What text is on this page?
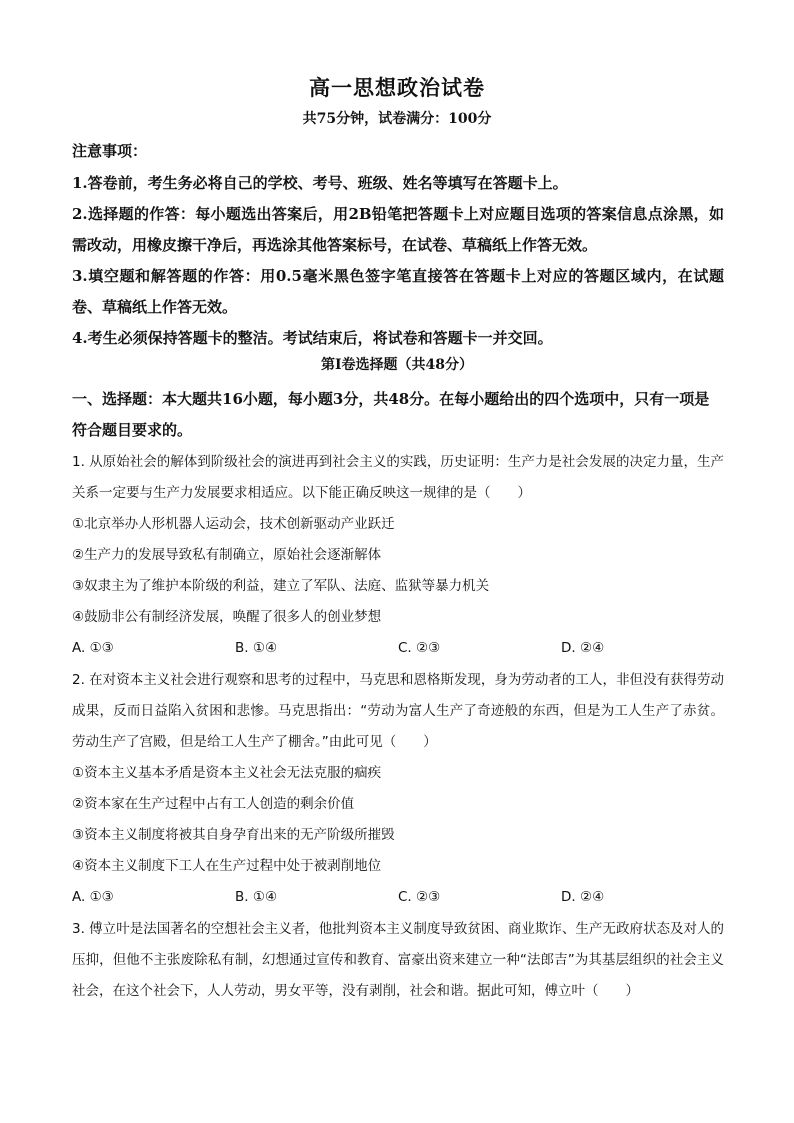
高一思想政治试卷
共75分钟，试卷满分：100分
注意事项：

1.答卷前，考生务必将自己的学校、考号、班级、姓名等填写在答题卡上。

2.选择题的作答：每小题选出答案后，用2B铅笔把答题卡上对应题目选项的答案信息点涂黑，如需改动，用橡皮擦干净后，再选涂其他答案标号，在试卷、草稿纸上作答无效。

3.填空题和解答题的作答：用0.5毫米黑色签字笔直接答在答题卡上对应的答题区域内，在试题卷、草稿纸上作答无效。

4.考生必须保持答题卡的整洁。考试结束后，将试卷和答题卡一并交回。

第Ⅰ卷选择题（共48分）
一、选择题：本大题共16小题，每小题3分，共48分。在每小题给出的四个选项中，只有一项是符合题目要求的。

1. 从原始社会的解体到阶级社会的演进再到社会主义的实践，历史证明：生产力是社会发展的决定力量，生产关系一定要与生产力发展要求相适应。以下能正确反映这一规律的是（　　）

①北京举办人形机器人运动会，技术创新驱动产业跃迁

②生产力的发展导致私有制确立，原始社会逐渐解体

③奴隶主为了维护本阶级的利益，建立了军队、法庭、监狱等暴力机关

④鼓励非公有制经济发展，唤醒了很多人的创业梦想

A. ①③	B. ①④	C. ②③	D. ②④

2. 在对资本主义社会进行观察和思考的过程中，马克思和恩格斯发现，身为劳动者的工人，非但没有获得劳动成果，反而日益陷入贫困和悲惨。马克思指出：“劳动为富人生产了奇迹般的东西，但是为工人生产了赤贫。劳动生产了宫殿，但是给工人生产了棚舍。”由此可见（　　）

①资本主义基本矛盾是资本主义社会无法克服的痼疾

②资本家在生产过程中占有工人创造的剩余价值

③资本主义制度将被其自身孕育出来的无产阶级所摧毁

④资本主义制度下工人在生产过程中处于被剥削地位

A. ①③	B. ①④	C. ②③	D. ②④

3. 傅立叶是法国著名的空想社会主义者，他批判资本主义制度导致贫困、商业欺诈、生产无政府状态及对人的压抑，但他不主张废除私有制，幻想通过宣传和教育、富豪出资来建立一种“法郎吉”为其基层组织的社会主义社会，在这个社会下，人人劳动，男女平等，没有剥削，社会和谐。据此可知，傅立叶（　　）
